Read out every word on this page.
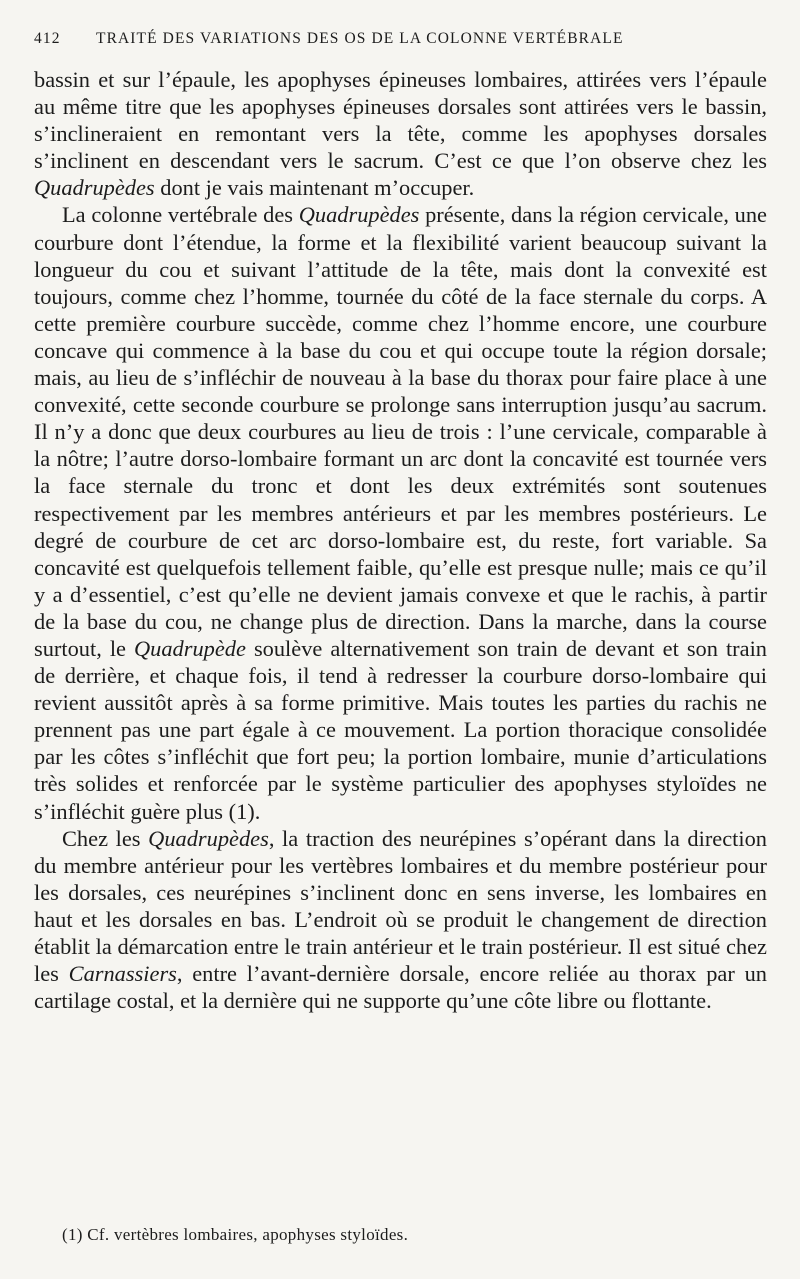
412	TRAITÉ DES VARIATIONS DES OS DE LA COLONNE VERTÉBRALE

bassin et sur l’épaule, les apophyses épineuses lombaires, attirées vers l’épaule au même titre que les apophyses épineuses dorsales sont attirées vers le bassin, s’inclineraient en remontant vers la tête, comme les apophyses dorsales s’inclinent en descendant vers le sacrum. C’est ce que l’on observe chez les Quadrupèdes dont je vais maintenant m’occuper.

La colonne vertébrale des Quadrupèdes présente, dans la région cervicale, une courbure dont l’étendue, la forme et la flexibilité varient beaucoup suivant la longueur du cou et suivant l’attitude de la tête, mais dont la convexité est toujours, comme chez l’homme, tournée du côté de la face sternale du corps. A cette première courbure succède, comme chez l’homme encore, une courbure concave qui commence à la base du cou et qui occupe toute la région dorsale; mais, au lieu de s’infléchir de nouveau à la base du thorax pour faire place à une convexité, cette seconde courbure se prolonge sans interruption jusqu’au sacrum. Il n’y a donc que deux courbures au lieu de trois : l’une cervicale, comparable à la nôtre; l’autre dorso-lombaire formant un arc dont la concavité est tournée vers la face sternale du tronc et dont les deux extrémités sont soutenues respectivement par les membres antérieurs et par les membres postérieurs. Le degré de courbure de cet arc dorso-lombaire est, du reste, fort variable. Sa concavité est quelquefois tellement faible, qu’elle est presque nulle; mais ce qu’il y a d’essentiel, c’est qu’elle ne devient jamais convexe et que le rachis, à partir de la base du cou, ne change plus de direction. Dans la marche, dans la course surtout, le Quadrupède soulève alternativement son train de devant et son train de derrière, et chaque fois, il tend à redresser la courbure dorso-lombaire qui revient aussitôt après à sa forme primitive. Mais toutes les parties du rachis ne prennent pas une part égale à ce mouvement. La portion thoracique consolidée par les côtes s’infléchit que fort peu; la portion lombaire, munie d’articulations très solides et renforcée par le système particulier des apophyses styloïdes ne s’infléchit guère plus (1).

Chez les Quadrupèdes, la traction des neurépines s’opérant dans la direction du membre antérieur pour les vertèbres lombaires et du membre postérieur pour les dorsales, ces neurépines s’inclinent donc en sens inverse, les lombaires en haut et les dorsales en bas. L’endroit où se produit le changement de direction établit la démarcation entre le train antérieur et le train postérieur. Il est situé chez les Carnassiers, entre l’avant-dernière dorsale, encore reliée au thorax par un cartilage costal, et la dernière qui ne supporte qu’une côte libre ou flottante.

(1) Cf. vertèbres lombaires, apophyses styloïdes.
